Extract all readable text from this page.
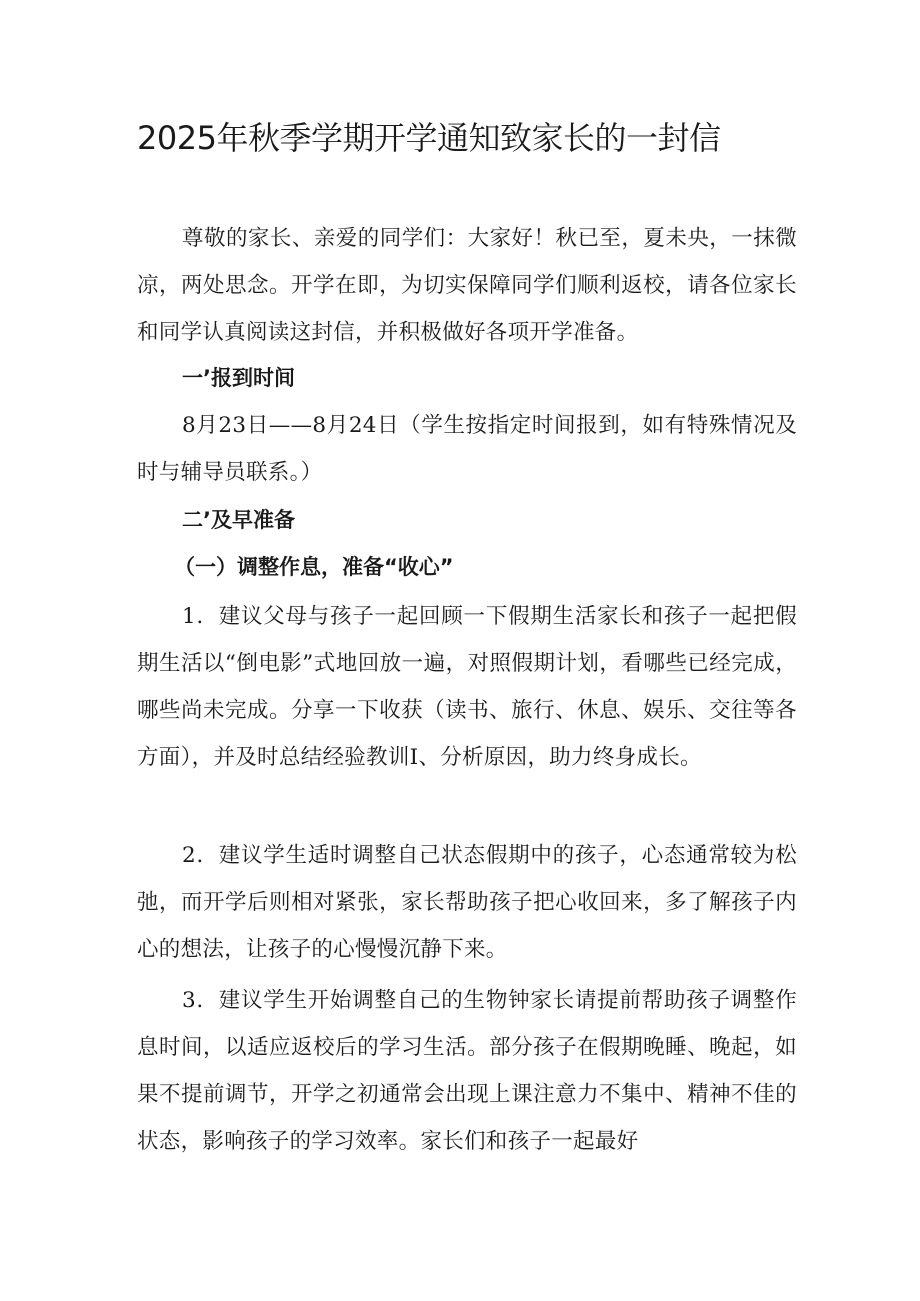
2025年秋季学期开学通知致家长的一封信

尊敬的家长、亲爱的同学们：大家好！秋已至，夏未央，一抹微凉，两处思念。开学在即，为切实保障同学们顺利返校，请各位家长和同学认真阅读这封信，并积极做好各项开学准备。

一’报到时间

8月23日——8月24日（学生按指定时间报到，如有特殊情况及时与辅导员联系。）

二’及早准备
（一）调整作息，准备“收心”

1．建议父母与孩子一起回顾一下假期生活家长和孩子一起把假期生活以“倒电影”式地回放一遍，对照假期计划，看哪些已经完成，哪些尚未完成。分享一下收获（读书、旅行、休息、娱乐、交往等各方面），并及时总结经验教训I、分析原因，助力终身成长。

2．建议学生适时调整自己状态假期中的孩子，心态通常较为松弛，而开学后则相对紧张，家长帮助孩子把心收回来，多了解孩子内心的想法，让孩子的心慢慢沉静下来。

3．建议学生开始调整自己的生物钟家长请提前帮助孩子调整作息时间，以适应返校后的学习生活。部分孩子在假期晚睡、晚起，如果不提前调节，开学之初通常会出现上课注意力不集中、精神不佳的状态，影响孩子的学习效率。家长们和孩子一起最好
